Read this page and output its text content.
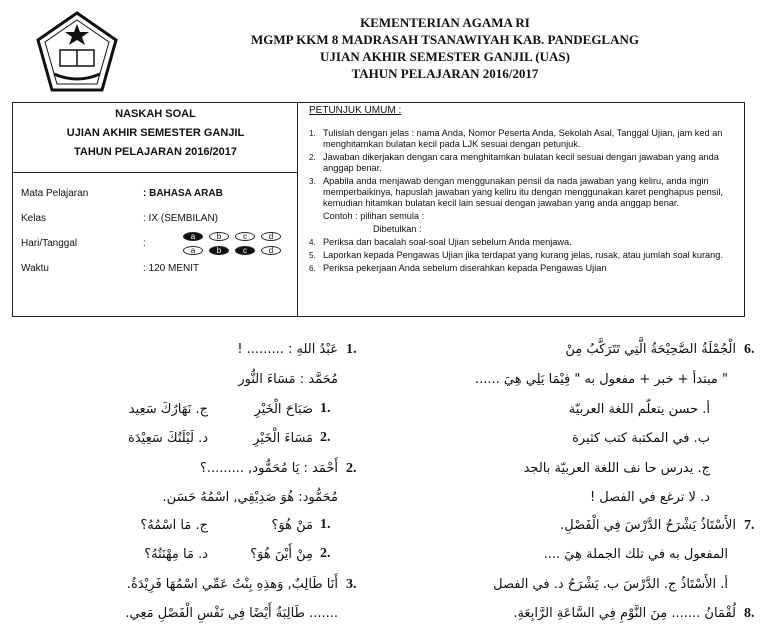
KEMENTERIAN AGAMA RI
MGMP KKM 8 MADRASAH TSANAWIYAH KAB. PANDEGLANG
UJIAN AKHIR SEMESTER GANJIL (UAS)
TAHUN PELAJARAN 2016/2017
NASKAH SOAL
UJIAN AKHIR SEMESTER GANJIL
TAHUN PELAJARAN 2016/2017
Mata Pelajaran	: BAHASA ARAB
Kelas	: IX (SEMBILAN)
Hari/Tanggal	:
a	b	c	d
a	b	c	d
Waktu	: 120 MENIT
PETUNJUK UMUM :
1. Tulislah dengan jelas : nama Anda, Nomor Peserta Anda, Sekolah Asal, Tanggal Ujian, jam ked an menghitamkan bulatan kecil pada LJK sesuai dengan petunjuk.
2. Jawaban dikerjakan dengan cara menghitamkan bulatan kecil sesuai dengan jawaban yang anda anggap benar.
3. Apabila anda menjawab dengan menggunakan pensil da nada jawaban yang keliru, anda ingin memperbaikinya, hapuslah jawaban yang keliru itu dengan menggunakan karet penghapus pensil, kemudian hitamkan bulatan kecil lain sesuai dengan jawaban yang anda anggap benar.
Contoh : pilihan semula :
Dibetulkan :
4. Periksa dan bacalah soal-soal Ujian sebelum Anda menjawa.
5. Laporkan kepada Pengawas Ujian jika terdapat yang kurang jelas, rusak, atau jumlah soal kurang.
6. Periksa pekerjaan Anda sebelum diserahkan kepada Pengawas Ujian
1.
عَبْدُ اللهِ : ......... !
مُحَمَّد : مَسَاءَ النُّور
1.
صَبَاحَ الْخَيْرِ
ج. نَهَارُكَ سَعِيد
2.
مَسَاءَ الْخَيْرِ
د. لَيْلَتُكَ سَعِيْدَة
2.
أَحْمَد : يَا مُحَمُّود, .........؟
مُحَمُّود: هُوَ صَدِيْقِي, اسْمُهُ حَسَن.
1.
مَنْ هُوَ؟
ج. مَا اسْمُهُ؟
2.
مِنْ أَيْنَ هُوَ؟
د. مَا مِهْنَتُهُ؟
3.
أَنَا طَالِبٌ, وَهذِهِ بِنْتُ عَمِّي اسْمُهَا فَرِيْدَةُ.
....... طَالِبَةٌ أَيْضًا فِي نَفْسِ الْفَصْلِ مَعِي.
6.
الْجُمْلَةُ الصَّحِيْحَةُ الَّتِي تَتَرَكَّبُ مِنْ
" مبتدأ + خبر + مفعول به " فِيْمَا يَلِي هِيَ ......
أ. حسن يتعلّم اللغة العربيّة
ب. في المكتبة كتب كثيرة
ج. يدرس حا نف اللغة العربيّة بالجد
د. لا ترغع في الفصل !
7.
الأَسْتَاذُ يَشْرَحُ الدَّرْسَ فِي الْفَصْلِ.
المفعول به في تلك الجملة هِيَ ....
أ. الأَسْتَاذُ ج. الدَّرْسَ ب. يَشْرَحُ د. في الفصل
8.
لُقْمَانُ ....... مِنَ النَّوْمِ فِي السَّاعَةِ الرَّابِعَةِ.
